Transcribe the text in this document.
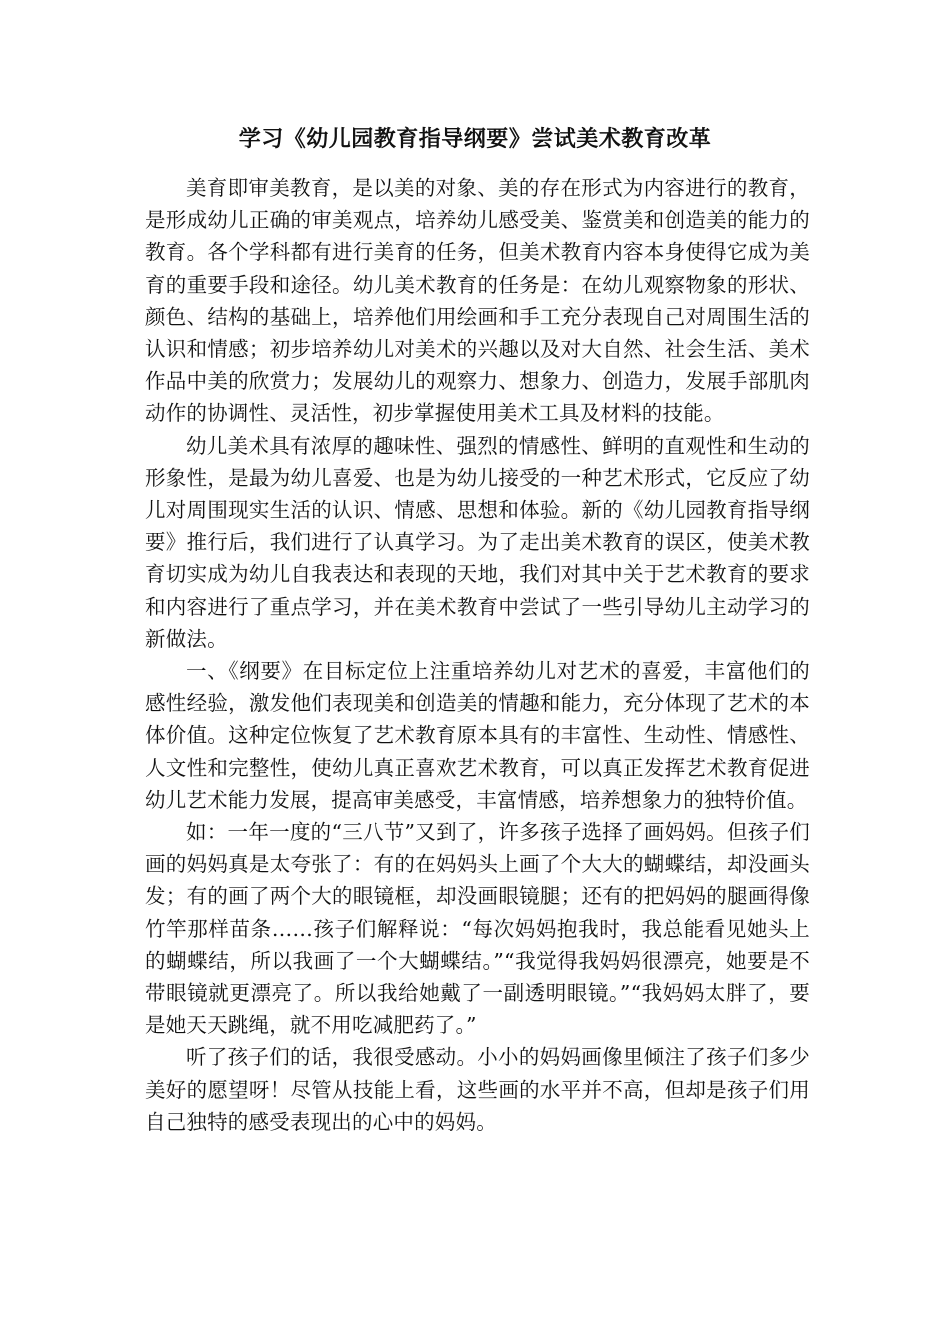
学习《幼儿园教育指导纲要》尝试美术教育改革

美育即审美教育，是以美的对象、美的存在形式为内容进行的教育，是形成幼儿正确的审美观点，培养幼儿感受美、鉴赏美和创造美的能力的教育。各个学科都有进行美育的任务，但美术教育内容本身使得它成为美育的重要手段和途径。幼儿美术教育的任务是：在幼儿观察物象的形状、颜色、结构的基础上，培养他们用绘画和手工充分表现自己对周围生活的认识和情感；初步培养幼儿对美术的兴趣以及对大自然、社会生活、美术作品中美的欣赏力；发展幼儿的观察力、想象力、创造力，发展手部肌肉动作的协调性、灵活性，初步掌握使用美术工具及材料的技能。

幼儿美术具有浓厚的趣味性、强烈的情感性、鲜明的直观性和生动的形象性，是最为幼儿喜爱、也是为幼儿接受的一种艺术形式，它反应了幼儿对周围现实生活的认识、情感、思想和体验。新的《幼儿园教育指导纲要》推行后，我们进行了认真学习。为了走出美术教育的误区，使美术教育切实成为幼儿自我表达和表现的天地，我们对其中关于艺术教育的要求和内容进行了重点学习，并在美术教育中尝试了一些引导幼儿主动学习的新做法。

一、《纲要》在目标定位上注重培养幼儿对艺术的喜爱，丰富他们的感性经验，激发他们表现美和创造美的情趣和能力，充分体现了艺术的本体价值。这种定位恢复了艺术教育原本具有的丰富性、生动性、情感性、人文性和完整性，使幼儿真正喜欢艺术教育，可以真正发挥艺术教育促进幼儿艺术能力发展，提高审美感受，丰富情感，培养想象力的独特价值。

如：一年一度的“三八节”又到了，许多孩子选择了画妈妈。但孩子们画的妈妈真是太夸张了：有的在妈妈头上画了个大大的蝴蝶结，却没画头发；有的画了两个大的眼镜框，却没画眼镜腿；还有的把妈妈的腿画得像竹竿那样苗条……孩子们解释说：“每次妈妈抱我时，我总能看见她头上的蝴蝶结，所以我画了一个大蝴蝶结。”“我觉得我妈妈很漂亮，她要是不带眼镜就更漂亮了。所以我给她戴了一副透明眼镜。”“我妈妈太胖了，要是她天天跳绳，就不用吃减肥药了。”

听了孩子们的话，我很受感动。小小的妈妈画像里倾注了孩子们多少美好的愿望呀！尽管从技能上看，这些画的水平并不高，但却是孩子们用自己独特的感受表现出的心中的妈妈。
